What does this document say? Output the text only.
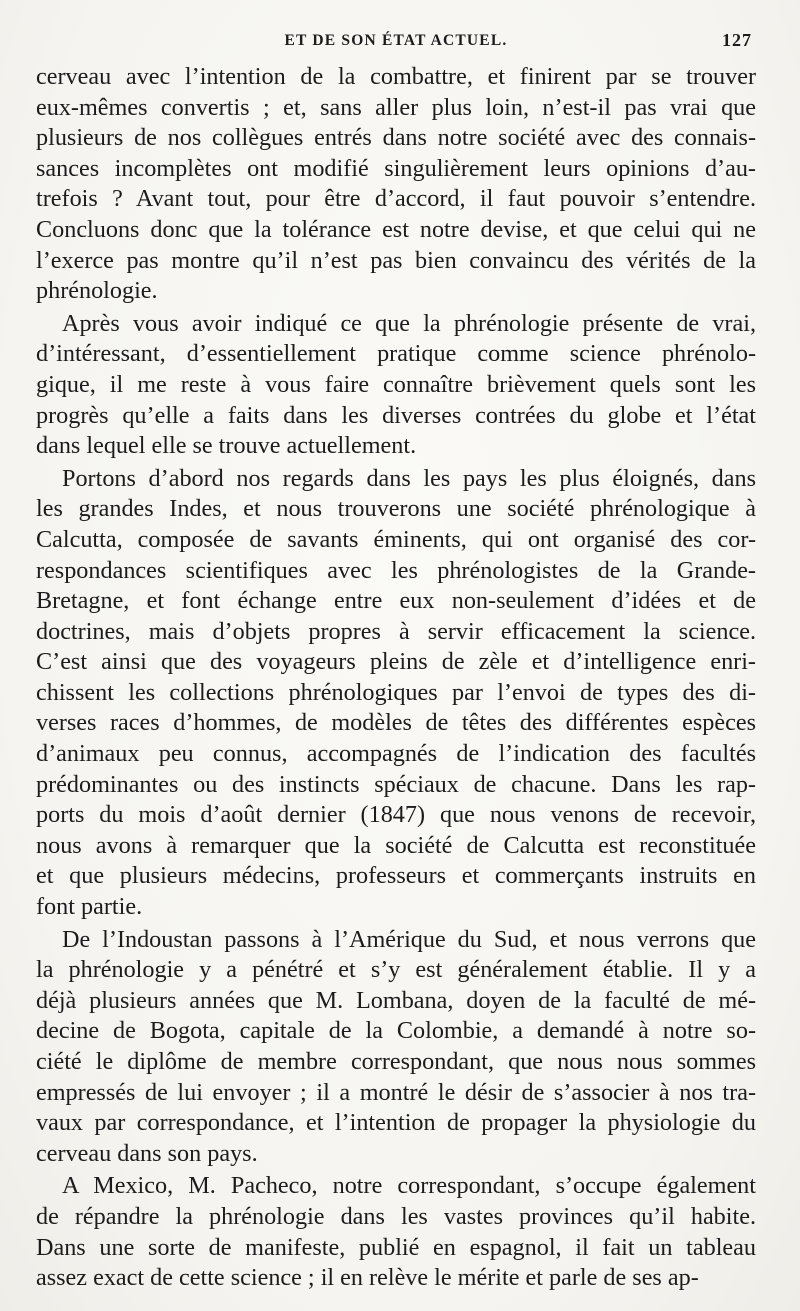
ET DE SON ÉTAT ACTUEL.	127
cerveau avec l’intention de la combattre, et finirent par se trouver
eux-mêmes convertis ; et, sans aller plus loin, n’est-il pas vrai que
plusieurs de nos collègues entrés dans notre société avec des connais-
sances incomplètes ont modifié singulièrement leurs opinions d’au-
trefois ? Avant tout, pour être d’accord, il faut pouvoir s’entendre.
Concluons donc que la tolérance est notre devise, et que celui qui ne
l’exerce pas montre qu’il n’est pas bien convaincu des vérités de la
phrénologie.
Après vous avoir indiqué ce que la phrénologie présente de vrai,
d’intéressant, d’essentiellement pratique comme science phrénolo-
gique, il me reste à vous faire connaître brièvement quels sont les
progrès qu’elle a faits dans les diverses contrées du globe et l’état
dans lequel elle se trouve actuellement.
Portons d’abord nos regards dans les pays les plus éloignés, dans
les grandes Indes, et nous trouverons une société phrénologique à
Calcutta, composée de savants éminents, qui ont organisé des cor-
respondances scientifiques avec les phrénologistes de la Grande-
Bretagne, et font échange entre eux non-seulement d’idées et de
doctrines, mais d’objets propres à servir efficacement la science.
C’est ainsi que des voyageurs pleins de zèle et d’intelligence enri-
chissent les collections phrénologiques par l’envoi de types des di-
verses races d’hommes, de modèles de têtes des différentes espèces
d’animaux peu connus, accompagnés de l’indication des facultés
prédominantes ou des instincts spéciaux de chacune. Dans les rap-
ports du mois d’août dernier (1847) que nous venons de recevoir,
nous avons à remarquer que la société de Calcutta est reconstituée
et que plusieurs médecins, professeurs et commerçants instruits en
font partie.
De l’Indoustan passons à l’Amérique du Sud, et nous verrons que
la phrénologie y a pénétré et s’y est généralement établie. Il y a
déjà plusieurs années que M. Lombana, doyen de la faculté de mé-
decine de Bogota, capitale de la Colombie, a demandé à notre so-
ciété le diplôme de membre correspondant, que nous nous sommes
empressés de lui envoyer ; il a montré le désir de s’associer à nos tra-
vaux par correspondance, et l’intention de propager la physiologie du
cerveau dans son pays.
A Mexico, M. Pacheco, notre correspondant, s’occupe également
de répandre la phrénologie dans les vastes provinces qu’il habite.
Dans une sorte de manifeste, publié en espagnol, il fait un tableau
assez exact de cette science ; il en relève le mérite et parle de ses ap-
